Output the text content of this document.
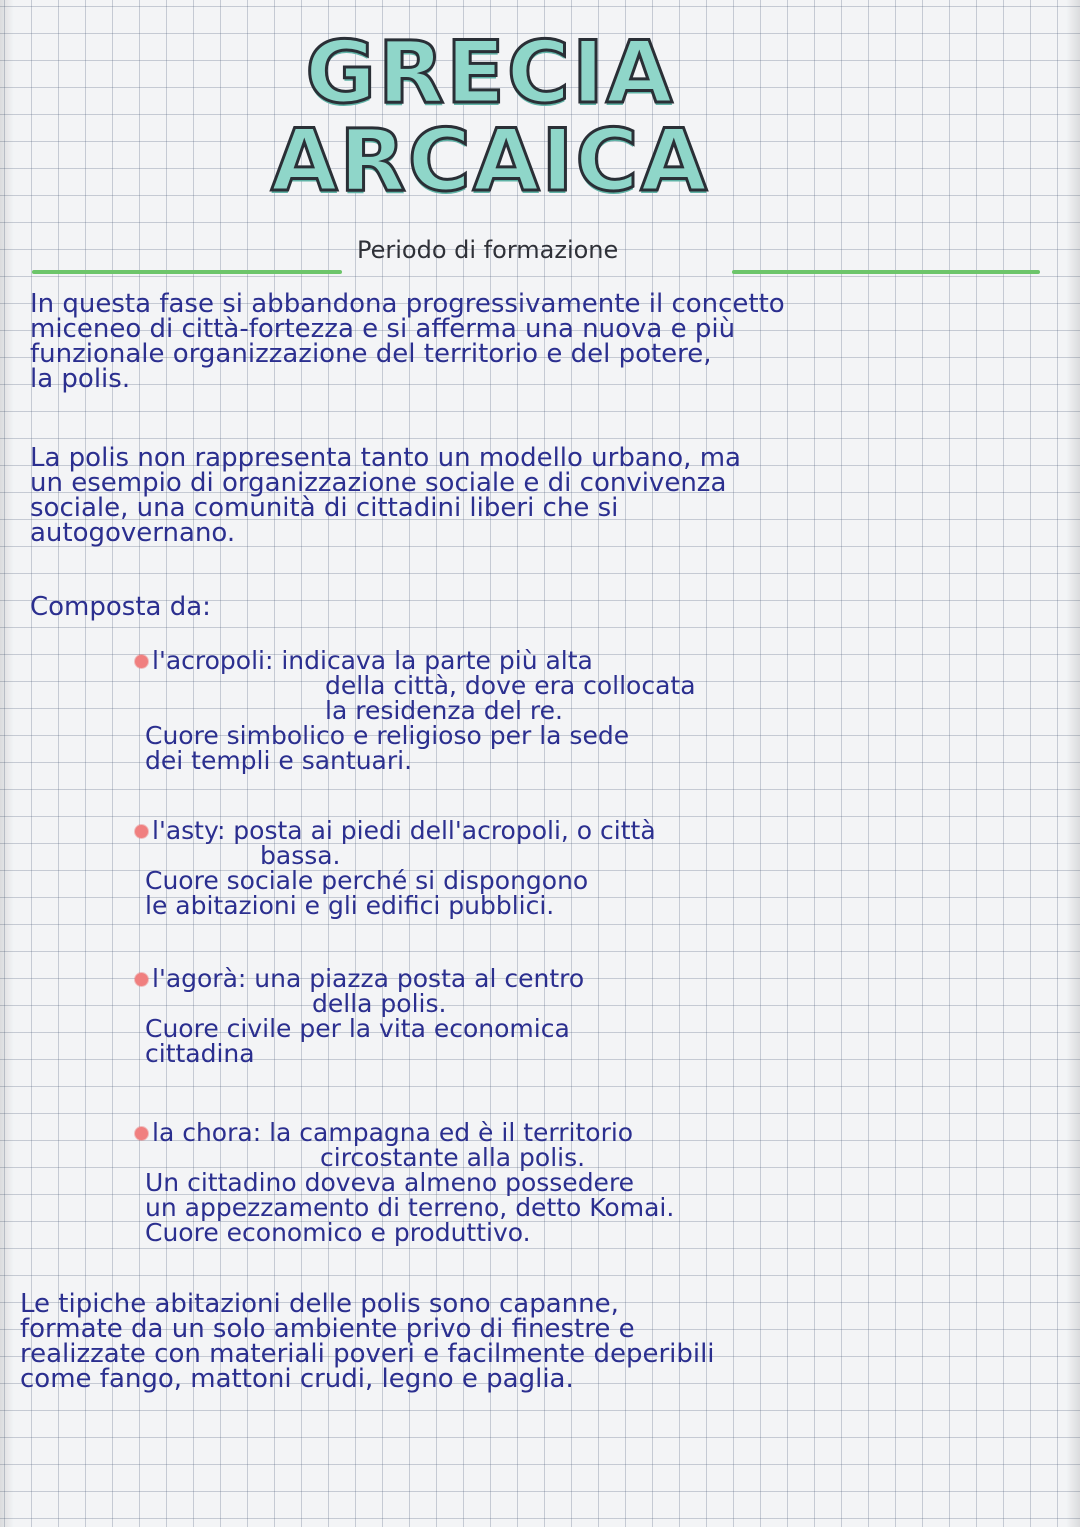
GRECIA
ARCAICA
Periodo di formazione

In questa fase si abbandona progressivamente il concetto
miceneo di città-fortezza e si afferma una nuova e più
funzionale organizzazione del territorio e del potere,
la polis.

La polis non rappresenta tanto un modello urbano, ma
un esempio di organizzazione sociale e di convivenza
sociale, una comunità di cittadini liberi che si
autogovernano.

Composta da:
l'acropoli: indicava la parte più alta
della città, dove era collocata
la residenza del re.
Cuore simbolico e religioso per la sede
dei templi e santuari.
l'asty: posta ai piedi dell'acropoli, o città
bassa.
Cuore sociale perché si dispongono
le abitazioni e gli edifici pubblici.
l'agorà: una piazza posta al centro
della polis.
Cuore civile per la vita economica
cittadina
la chora: la campagna ed è il territorio
circostante alla polis.
Un cittadino doveva almeno possedere
un appezzamento di terreno, detto Komai.
Cuore economico e produttivo.

Le tipiche abitazioni delle polis sono capanne,
formate da un solo ambiente privo di finestre e
realizzate con materiali poveri e facilmente deperibili
come fango, mattoni crudi, legno e paglia.
